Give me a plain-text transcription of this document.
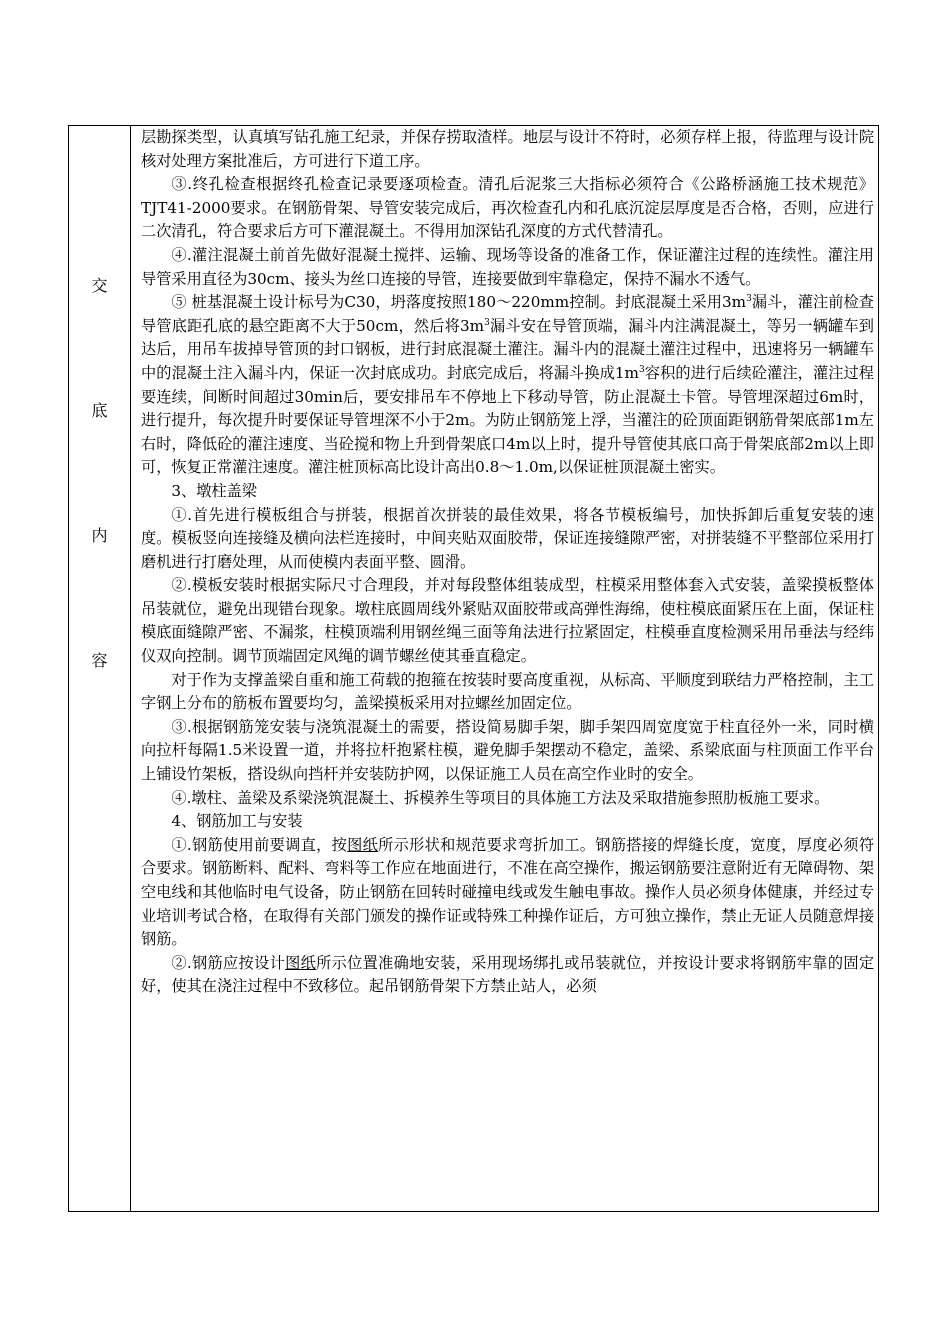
交
底
内
容

层勘探类型，认真填写钻孔施工纪录，并保存捞取渣样。地层与设计不符时，必须存样上报，待监理与设计院核对处理方案批准后，方可进行下道工序。

③.终孔检查根据终孔检查记录要逐项检查。清孔后泥浆三大指标必须符合《公路桥涵施工技术规范》TJT41-2000要求。在钢筋骨架、导管安装完成后，再次检查孔内和孔底沉淀层厚度是否合格，否则，应进行二次清孔，符合要求后方可下灌混凝土。不得用加深钻孔深度的方式代替清孔。

④.灌注混凝土前首先做好混凝土搅拌、运输、现场等设备的准备工作，保证灌注过程的连续性。灌注用导管采用直径为30cm、接头为丝口连接的导管，连接要做到牢靠稳定，保持不漏水不透气。

⑤ 桩基混凝土设计标号为C30，坍落度按照180～220mm控制。封底混凝土采用$3m^3$漏斗，灌注前检查导管底距孔底的悬空距离不大于50cm，然后将$3m^3$漏斗安在导管顶端，漏斗内注满混凝土，等另一辆罐车到达后，用吊车拔掉导管顶的封口钢板，进行封底混凝土灌注。漏斗内的混凝土灌注过程中，迅速将另一辆罐车中的混凝土注入漏斗内，保证一次封底成功。封底完成后，将漏斗换成$1m^3$容积的进行后续砼灌注，灌注过程要连续，间断时间超过30min后，要安排吊车不停地上下移动导管，防止混凝土卡管。导管埋深超过6m时，进行提升，每次提升时要保证导管埋深不小于2m。为防止钢筋笼上浮，当灌注的砼顶面距钢筋骨架底部1m左右时，降低砼的灌注速度、当砼搅和物上升到骨架底口4m以上时，提升导管使其底口高于骨架底部2m以上即可，恢复正常灌注速度。灌注桩顶标高比设计高出0.8～1.0m,以保证桩顶混凝土密实。

3、墩柱盖梁

①.首先进行模板组合与拼装，根据首次拼装的最佳效果，将各节模板编号，加快拆卸后重复安装的速度。模板竖向连接缝及横向法栏连接时，中间夹贴双面胶带，保证连接缝隙严密，对拼装缝不平整部位采用打磨机进行打磨处理，从而使模内表面平整、圆滑。

②.模板安装时根据实际尺寸合理段，并对每段整体组装成型，柱模采用整体套入式安装，盖梁摸板整体吊装就位，避免出现错台现象。墩柱底圆周线外紧贴双面胶带或高弹性海绵，使柱模底面紧压在上面，保证柱模底面缝隙严密、不漏浆，柱模顶端利用钢丝绳三面等角法进行拉紧固定，柱模垂直度检测采用吊垂法与经纬仪双向控制。调节顶端固定风绳的调节螺丝使其垂直稳定。

对于作为支撑盖梁自重和施工荷载的抱箍在按装时要高度重视，从标高、平顺度到联结力严格控制，主工字钢上分布的筋板布置要均匀，盖梁摸板采用对拉螺丝加固定位。

③.根据钢筋笼安装与浇筑混凝土的需要，搭设简易脚手架，脚手架四周宽度宽于柱直径外一米，同时横向拉杆每隔1.5米设置一道，并将拉杆抱紧柱模，避免脚手架摆动不稳定，盖梁、系梁底面与柱顶面工作平台上铺设竹架板，搭设纵向挡杆并安装防护网，以保证施工人员在高空作业时的安全。

④.墩柱、盖梁及系梁浇筑混凝土、拆模养生等项目的具体施工方法及采取措施参照肋板施工要求。

4、钢筋加工与安装

①.钢筋使用前要调直，按图纸所示形状和规范要求弯折加工。钢筋搭接的焊缝长度，宽度，厚度必须符合要求。钢筋断料、配料、弯料等工作应在地面进行，不准在高空操作，搬运钢筋要注意附近有无障碍物、架空电线和其他临时电气设备，防止钢筋在回转时碰撞电线或发生触电事故。操作人员必须身体健康，并经过专业培训考试合格，在取得有关部门颁发的操作证或特殊工种操作证后，方可独立操作，禁止无证人员随意焊接钢筋。

②.钢筋应按设计图纸所示位置准确地安装，采用现场绑扎或吊装就位，并按设计要求将钢筋牢靠的固定好，使其在浇注过程中不致移位。起吊钢筋骨架下方禁止站人，必须
